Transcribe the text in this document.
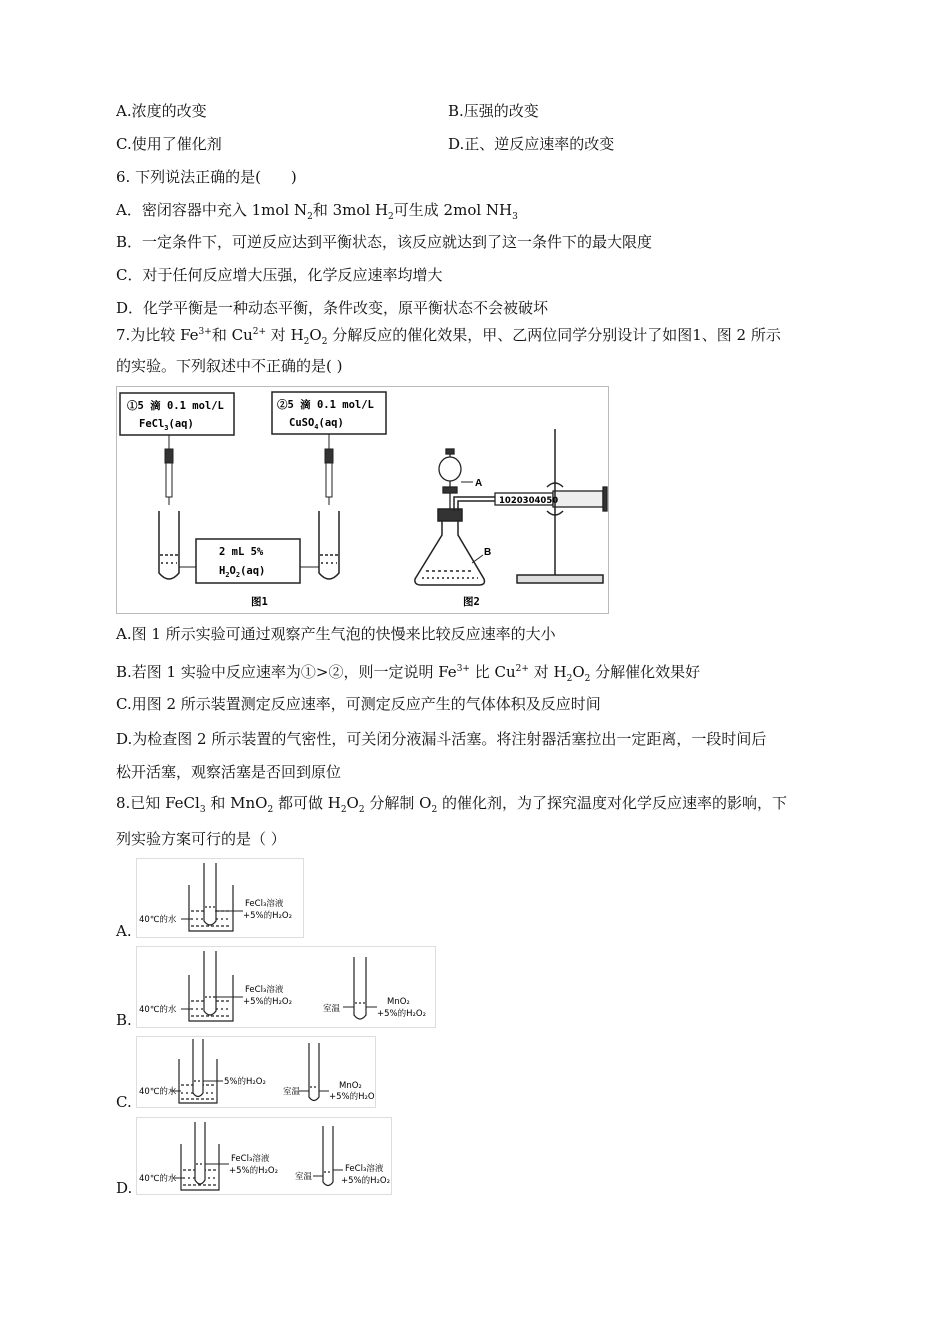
A.浓度的改变	B.压强的改变
C.使用了催化剂	D.正、逆反应速率的改变
6. 下列说法正确的是(　　)
A．密闭容器中充入 1mol $N_2$和 3mol $H_2$可生成 2mol $NH_3$
B．一定条件下，可逆反应达到平衡状态，该反应就达到了这一条件下的最大限度
C．对于任何反应增大压强，化学反应速率均增大
D．化学平衡是一种动态平衡，条件改变，原平衡状态不会被破坏
7.为比较 $Fe^{3+}$和 $Cu^{2+}$ 对 $H_2O_2$ 分解反应的催化效果，甲、乙两位同学分别设计了如图1、图 2 所示
的实验。下列叙述中不正确的是( )
①5 滴 0.1 mol/L
FeCl$_3$(aq)
②5 滴 0.1 mol/L
CuSO$_4$(aq)
2 mL 5%
$H_2O_2(aq)$
图1
A
B
1020304050
图2
A.图 1 所示实验可通过观察产生气泡的快慢来比较反应速率的大小
B.若图 1 实验中反应速率为①>②，则一定说明 $Fe^{3+}$ 比 $Cu^{2+}$ 对 $H_2O_2$ 分解催化效果好
C.用图 2 所示装置测定反应速率，可测定反应产生的气体体积及反应时间
D.为检查图 2 所示装置的气密性，可关闭分液漏斗活塞。将注射器活塞拉出一定距离，一段时间后
松开活塞，观察活塞是否回到原位
8.已知 FeCl$_3$ 和 MnO$_2$ 都可做 $H_2O_2$ 分解制 $O_2$ 的催化剂，为了探究温度对化学反应速率的影响，下
列实验方案可行的是（ ）
A.
40℃的水
FeCl₃溶液
+5%的H₂O₂
B.
40℃的水
FeCl₃溶液
+5%的H₂O₂
室温
MnO₂
+5%的H₂O₂
C.
40℃的水
5%的H₂O₂
室温
MnO₂
+5%的H₂O₂
D. 40℃的水
FeCl₃溶液
+5%的H₂O₂
室温
FeCl₃溶液
+5%的H₂O₂
